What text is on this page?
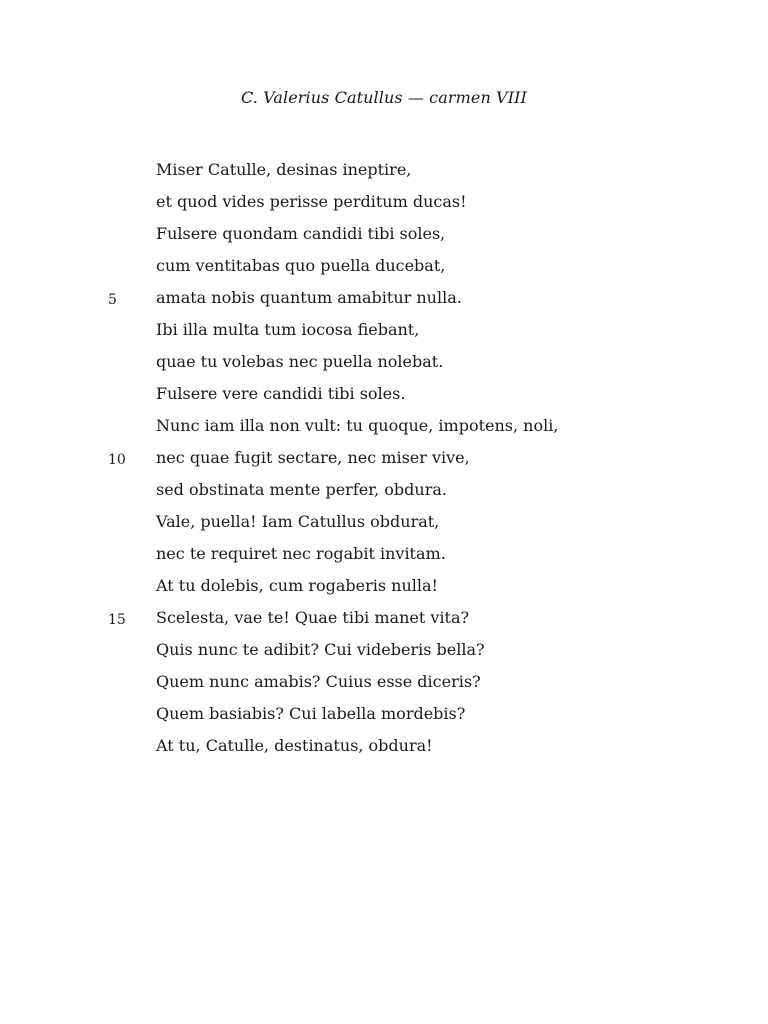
C. Valerius Catullus — carmen VIII
Miser Catulle, desinas ineptire,
et quod vides perisse perditum ducas!
Fulsere quondam candidi tibi soles,
cum ventitabas quo puella ducebat,
5	amata nobis quantum amabitur nulla.
Ibi illa multa tum iocosa fiebant,
quae tu volebas nec puella nolebat.
Fulsere vere candidi tibi soles.
Nunc iam illa non vult: tu quoque, impotens, noli,
10	nec quae fugit sectare, nec miser vive,
sed obstinata mente perfer, obdura.
Vale, puella! Iam Catullus obdurat,
nec te requiret nec rogabit invitam.
At tu dolebis, cum rogaberis nulla!
15	Scelesta, vae te! Quae tibi manet vita?
Quis nunc te adibit? Cui videberis bella?
Quem nunc amabis? Cuius esse diceris?
Quem basiabis? Cui labella mordebis?
At tu, Catulle, destinatus, obdura!
